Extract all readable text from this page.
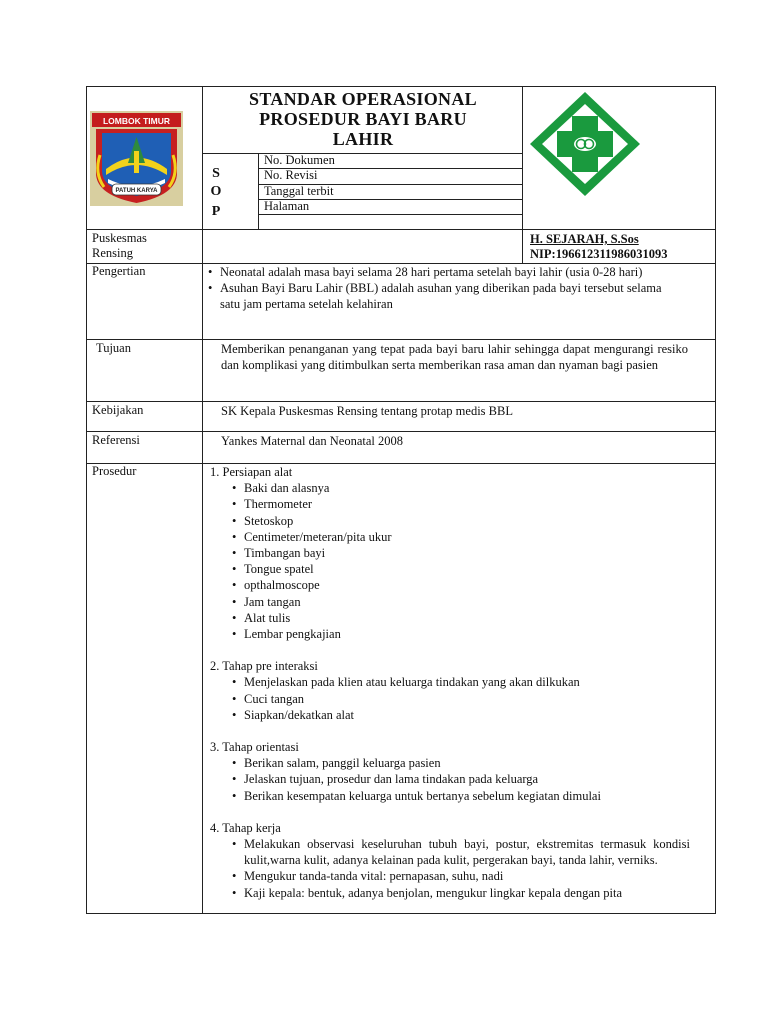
LOMBOK TIMUR
PATUH KARYA
STANDAR OPERASIONAL
PROSEDUR BAYI BARU
LAHIR
S
O
P
No. Dokumen
No. Revisi
Tanggal terbit
Halaman
Puskesmas
Rensing
H. SEJARAH, S.Sos
NIP:196612311986031093
Pengertian
•	Neonatal adalah masa bayi selama 28 hari pertama setelah bayi lahir (usia 0-28 hari)
• Asuhan Bayi Baru Lahir (BBL) adalah asuhan yang diberikan pada bayi tersebut selama satu jam pertama setelah kelahiran
Tujuan	Memberikan penanganan yang tepat pada bayi baru lahir sehingga dapat mengurangi resiko dan komplikasi yang ditimbulkan serta memberikan rasa aman dan nyaman bagi pasien
Kebijakan	SK Kepala Puskesmas Rensing tentang protap medis BBL
Referensi	Yankes Maternal dan Neonatal 2008
Prosedur	1. Persiapan alat
• Baki dan alasnya
• Thermometer
• Stetoskop
• Centimeter/meteran/pita ukur
• Timbangan bayi
• Tongue spatel
• opthalmoscope
• Jam tangan
• Alat tulis
• Lembar pengkajian
2. Tahap pre interaksi
• Menjelaskan pada klien atau keluarga tindakan yang akan dilkukan
• Cuci tangan
• Siapkan/dekatkan alat
3. Tahap orientasi
• Berikan salam, panggil keluarga pasien
• Jelaskan tujuan, prosedur dan lama tindakan pada keluarga
• Berikan kesempatan keluarga untuk bertanya sebelum kegiatan dimulai
4. Tahap kerja
• Melakukan observasi keseluruhan tubuh bayi, postur, ekstremitas termasuk kondisi kulit,warna kulit, adanya kelainan pada kulit, pergerakan bayi, tanda lahir, verniks.
• Mengukur tanda-tanda vital: pernapasan, suhu, nadi
• Kaji kepala: bentuk, adanya benjolan, mengukur lingkar kepala dengan pita
